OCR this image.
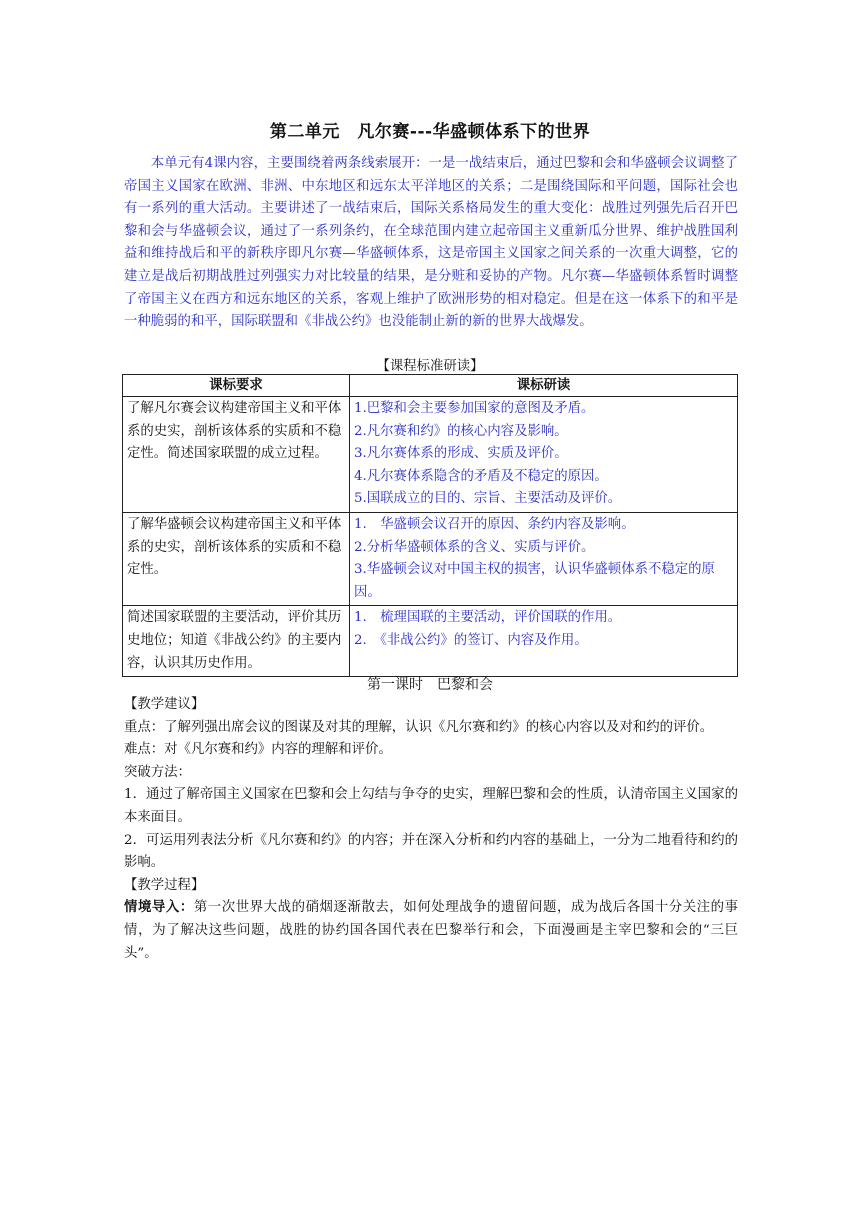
第二单元　凡尔赛---华盛顿体系下的世界

本单元有4课内容，主要围绕着两条线索展开：一是一战结束后，通过巴黎和会和华盛顿会议调整了帝国主义国家在欧洲、非洲、中东地区和远东太平洋地区的关系；二是围绕国际和平问题，国际社会也有一系列的重大活动。主要讲述了一战结束后，国际关系格局发生的重大变化：战胜过列强先后召开巴黎和会与华盛顿会议，通过了一系列条约，在全球范围内建立起帝国主义重新瓜分世界、维护战胜国利益和维持战后和平的新秩序即凡尔赛—华盛顿体系，这是帝国主义国家之间关系的一次重大调整，它的建立是战后初期战胜过列强实力对比较量的结果，是分赃和妥协的产物。凡尔赛—华盛顿体系暂时调整了帝国主义在西方和远东地区的关系，客观上维护了欧洲形势的相对稳定。但是在这一体系下的和平是一种脆弱的和平，国际联盟和《非战公约》也没能制止新的新的世界大战爆发。

【课程标准研读】
课标要求	课标研读
了解凡尔赛会议构建帝国主义和平体系的史实，剖析该体系的实质和不稳定性。简述国家联盟的成立过程。	1.巴黎和会主要参加国家的意图及矛盾。
2.凡尔赛和约》的核心内容及影响。
3.凡尔赛体系的形成、实质及评价。
4.凡尔赛体系隐含的矛盾及不稳定的原因。
5.国联成立的目的、宗旨、主要活动及评价。

了解华盛顿会议构建帝国主义和平体系的史实，剖析该体系的实质和不稳定性。	1.　华盛顿会议召开的原因、条约内容及影响。
2.分析华盛顿体系的含义、实质与评价。
3.华盛顿会议对中国主权的损害，认识华盛顿体系不稳定的原因。

简述国家联盟的主要活动，评价其历史地位；知道《非战公约》的主要内容，认识其历史作用。	1.　梳理国联的主要活动，评价国联的作用。
2.　《非战公约》的签订、内容及作用。
第一课时　巴黎和会

【教学建议】

重点：了解列强出席会议的图谋及对其的理解，认识《凡尔赛和约》的核心内容以及对和约的评价。

难点：对《凡尔赛和约》内容的理解和评价。

突破方法：

1．通过了解帝国主义国家在巴黎和会上勾结与争夺的史实，理解巴黎和会的性质，认清帝国主义国家的本来面目。

2．可运用列表法分析《凡尔赛和约》的内容；并在深入分析和约内容的基础上，一分为二地看待和约的影响。

【教学过程】

情境导入：第一次世界大战的硝烟逐渐散去，如何处理战争的遗留问题，成为战后各国十分关注的事情，为了解决这些问题，战胜的协约国各国代表在巴黎举行和会，下面漫画是主宰巴黎和会的“三巨头”。
